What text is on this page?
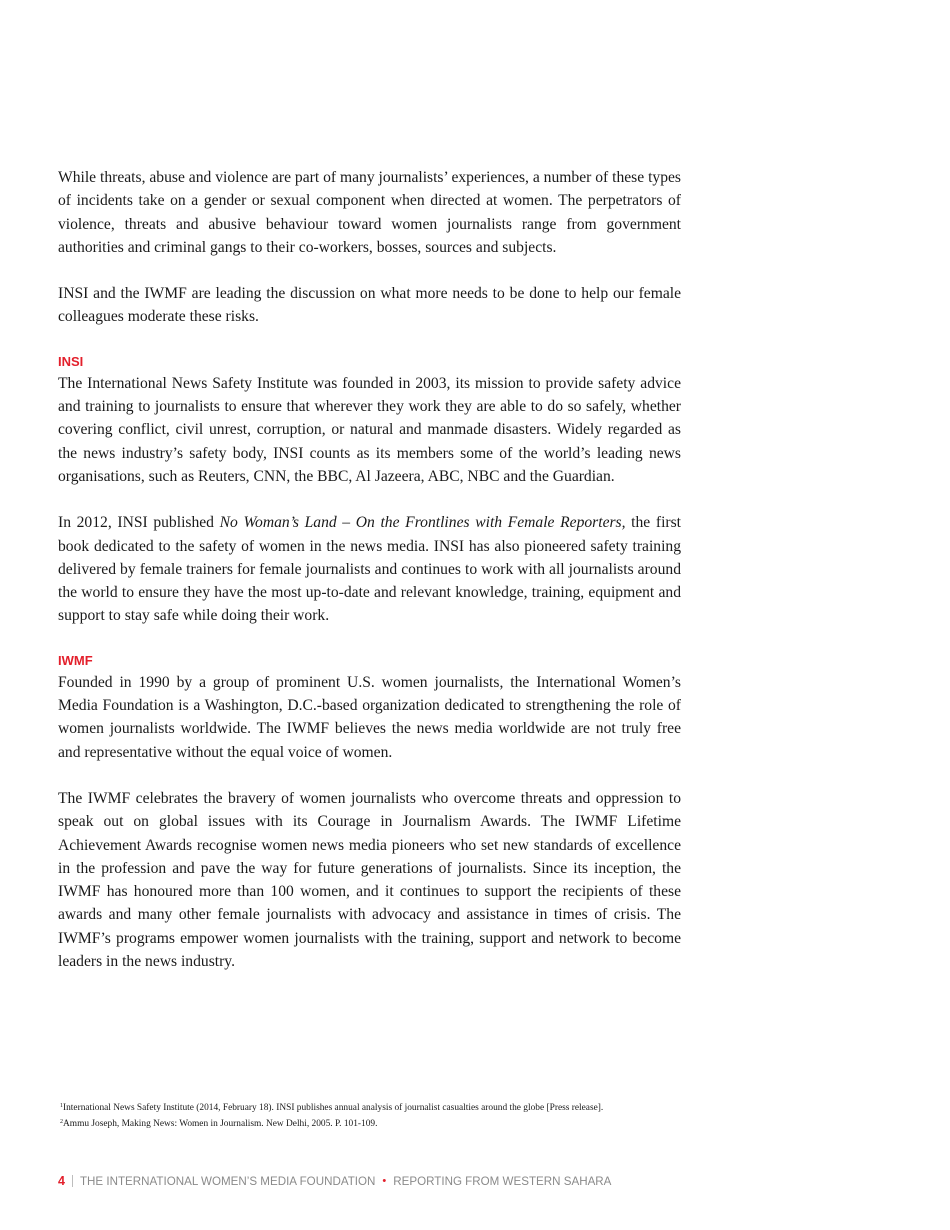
While threats, abuse and violence are part of many journalists’ experiences, a number of these types of incidents take on a gender or sexual component when directed at women. The perpetrators of violence, threats and abusive behaviour toward women journalists range from government authorities and criminal gangs to their co-workers, bosses, sources and subjects.

INSI and the IWMF are leading the discussion on what more needs to be done to help our female colleagues moderate these risks.

INSI

The International News Safety Institute was founded in 2003, its mission to provide safety advice and training to journalists to ensure that wherever they work they are able to do so safely, whether covering conflict, civil unrest, corruption, or natural and manmade disasters. Widely regarded as the news industry’s safety body, INSI counts as its members some of the world’s leading news organisations, such as Reuters, CNN, the BBC, Al Jazeera, ABC, NBC and the Guardian.

In 2012, INSI published No Woman’s Land – On the Frontlines with Female Reporters, the first book dedicated to the safety of women in the news media. INSI has also pioneered safety training delivered by female trainers for female journalists and continues to work with all journalists around the world to ensure they have the most up-to-date and relevant knowledge, training, equipment and support to stay safe while doing their work.

IWMF

Founded in 1990 by a group of prominent U.S. women journalists, the International Women’s Media Foundation is a Washington, D.C.-based organization dedicated to strengthening the role of women journalists worldwide. The IWMF believes the news media worldwide are not truly free and representative without the equal voice of women.

The IWMF celebrates the bravery of women journalists who overcome threats and oppression to speak out on global issues with its Courage in Journalism Awards. The IWMF Lifetime Achievement Awards recognise women news media pioneers who set new standards of excellence in the profession and pave the way for future generations of journalists. Since its inception, the IWMF has honoured more than 100 women, and it continues to support the recipients of these awards and many other female journalists with advocacy and assistance in times of crisis. The IWMF’s programs empower women journalists with the training, support and network to become leaders in the news industry.

$^1$International News Safety Institute (2014, February 18). INSI publishes annual analysis of journalist casualties around the globe [Press release].
$^2$Ammu Joseph, Making News: Women in Journalism. New Delhi, 2005. P. 101-109.
4 THE INTERNATIONAL WOMEN’S MEDIA FOUNDATION • REPORTING FROM WESTERN SAHARA
